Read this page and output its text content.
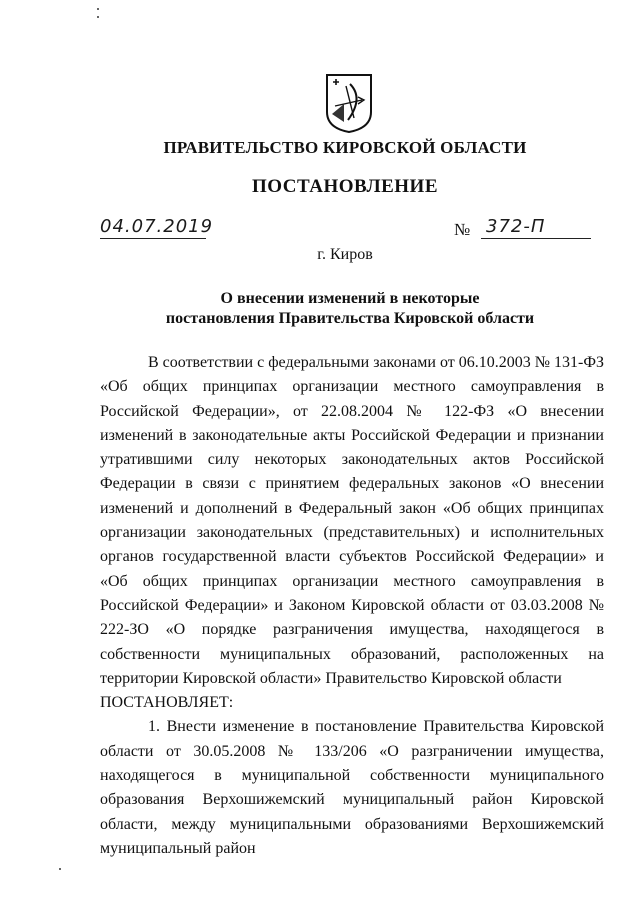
ПРАВИТЕЛЬСТВО КИРОВСКОЙ ОБЛАСТИ
ПОСТАНОВЛЕНИЕ
04.07.2019	№ 372-П
г. Киров
О внесении изменений в некоторые
постановления Правительства Кировской области

В соответствии с федеральными законами от 06.10.2003 № 131-ФЗ «Об общих принципах организации местного самоуправления в Российской Федерации», от 22.08.2004 № 122-ФЗ «О внесении изменений в законодательные акты Российской Федерации и признании утратившими силу некоторых законодательных актов Российской Федерации в связи с принятием федеральных законов «О внесении изменений и дополнений в Федеральный закон «Об общих принципах организации законодательных (представительных) и исполнительных органов государственной власти субъектов Российской Федерации» и «Об общих принципах организации местного самоуправления в Российской Федерации» и Законом Кировской области от 03.03.2008 № 222-ЗО «О порядке разграничения имущества, находящегося в собственности муниципальных образований, расположенных на территории Кировской области» Правительство Кировской области

ПОСТАНОВЛЯЕТ:

1. Внести изменение в постановление Правительства Кировской области от 30.05.2008 № 133/206 «О разграничении имущества, находящегося в муниципальной собственности муниципального образования Верхошижемский муниципальный район Кировской области, между муниципальными образованиями Верхошижемский муниципальный район
